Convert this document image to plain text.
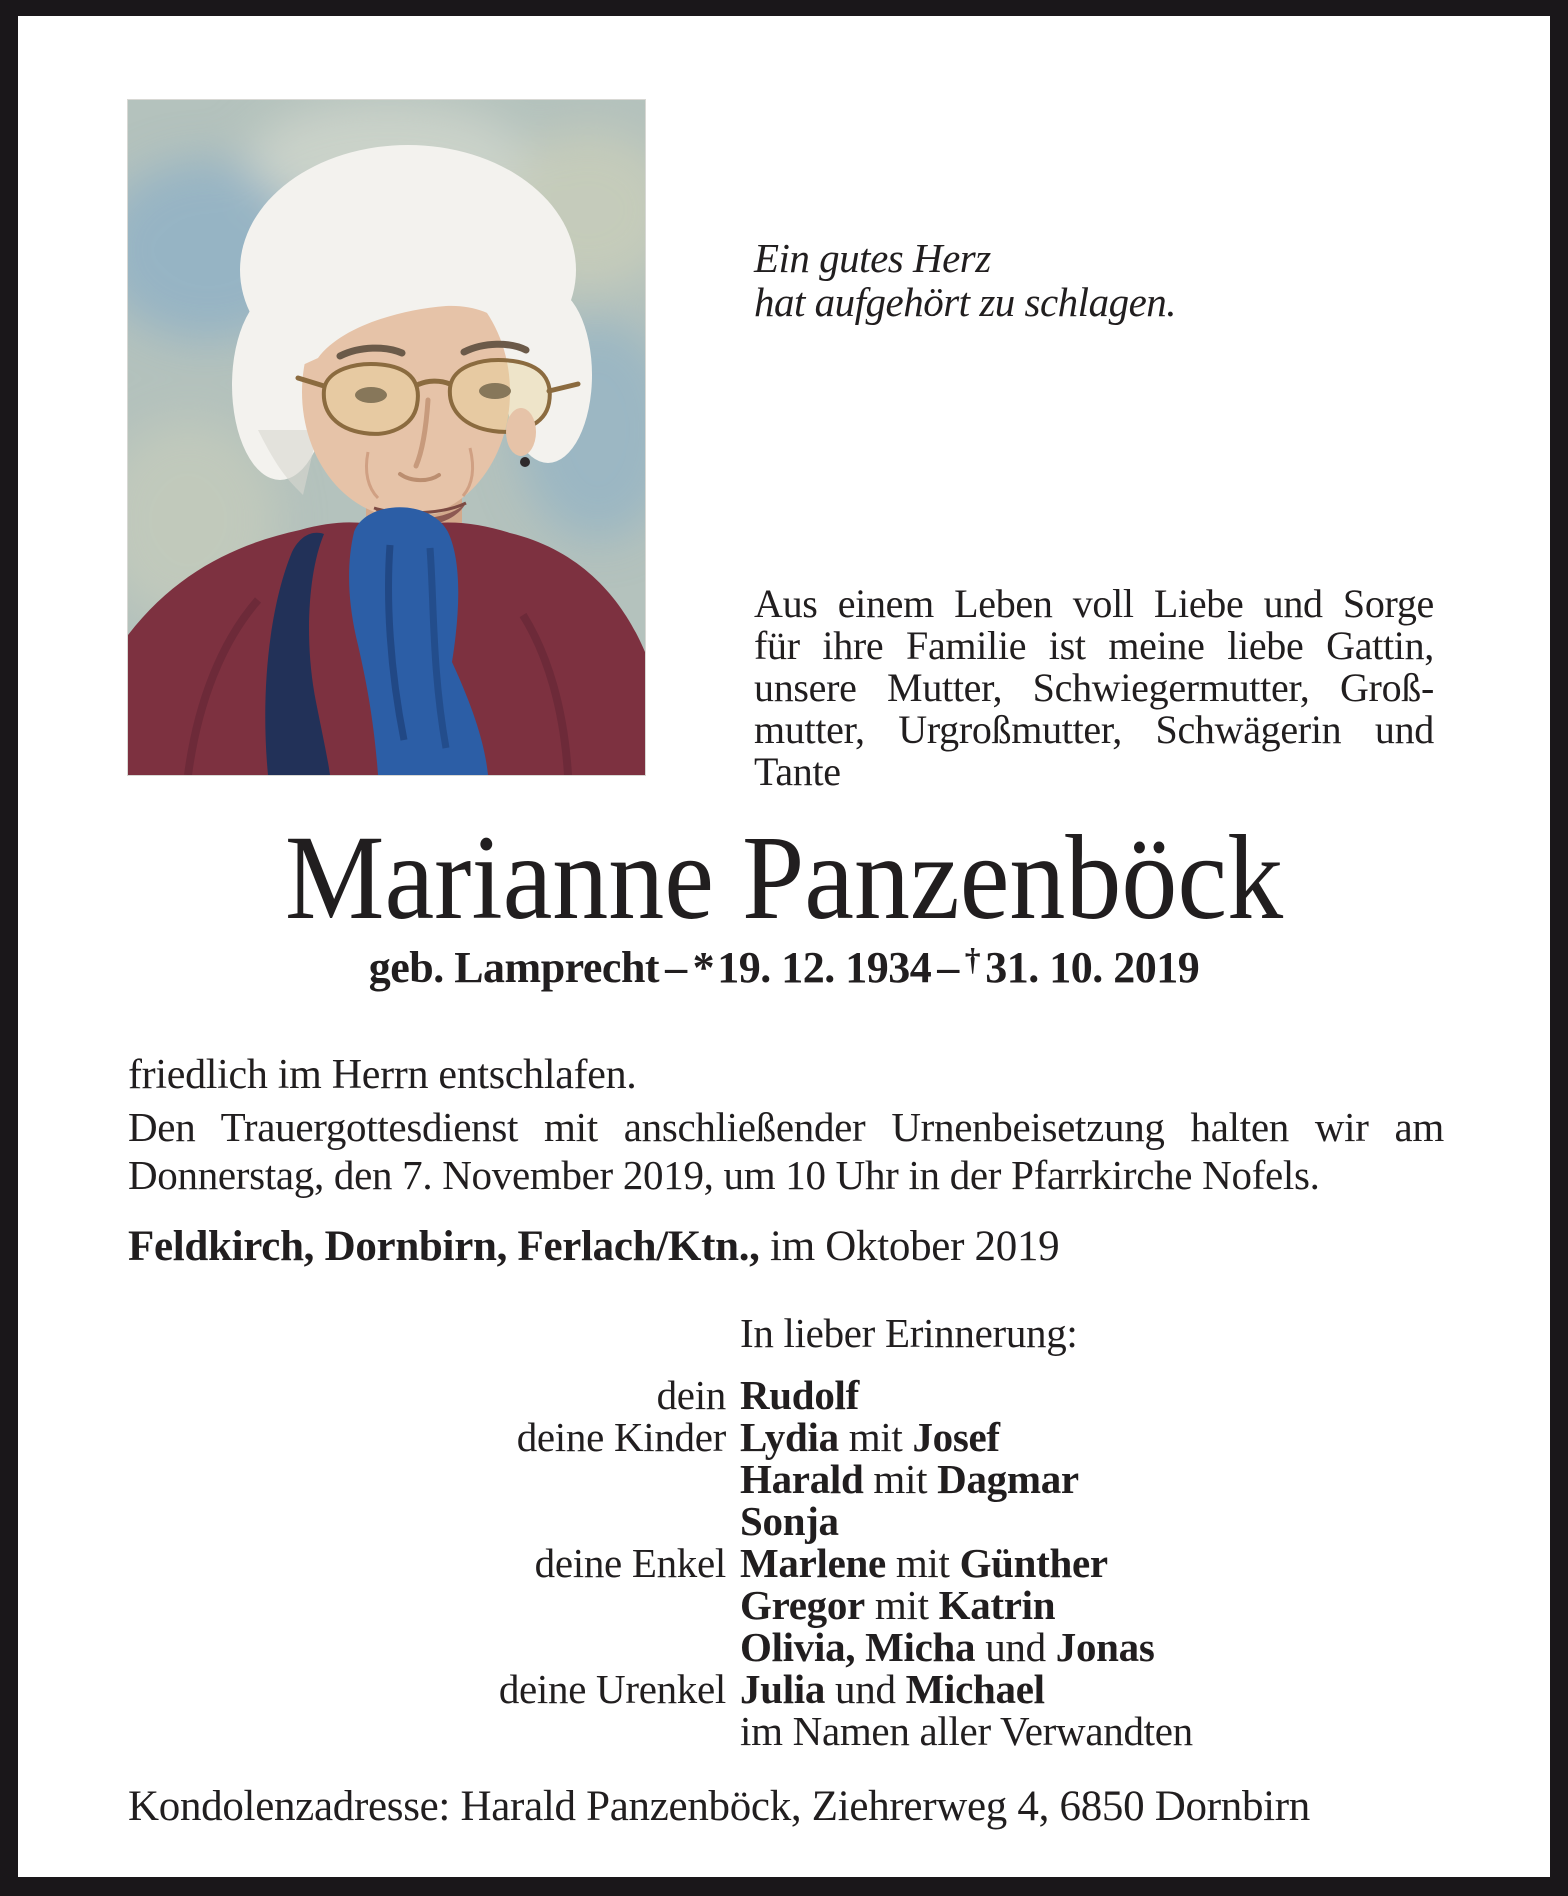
Ein gutes Herz
hat aufgehört zu schlagen.
Aus einem Leben voll Liebe und Sorge
für ihre Familie ist meine liebe Gattin,
unsere Mutter, Schwiegermutter, Groß-
mutter, Urgroßmutter, Schwägerin und
Tante
Marianne Panzenböck
geb. Lamprecht – * 19. 12. 1934 – †  31. 10. 2019
friedlich im Herrn entschlafen.
Den Trauergottesdienst mit anschließender Urnenbeisetzung halten wir am
Donnerstag, den 7. November 2019, um 10 Uhr in der Pfarrkirche Nofels.
Feldkirch, Dornbirn, Ferlach/Ktn., im Oktober 2019
In lieber Erinnerung:
dein Rudolf
deine Kinder Lydia mit Josef
Harald mit Dagmar
Sonja
deine Enkel Marlene mit Günther
Gregor mit Katrin
Olivia, Micha und Jonas
deine Urenkel Julia und Michael
im Namen aller Verwandten
Kondolenzadresse: Harald Panzenböck, Ziehrerweg 4, 6850 Dornbirn
